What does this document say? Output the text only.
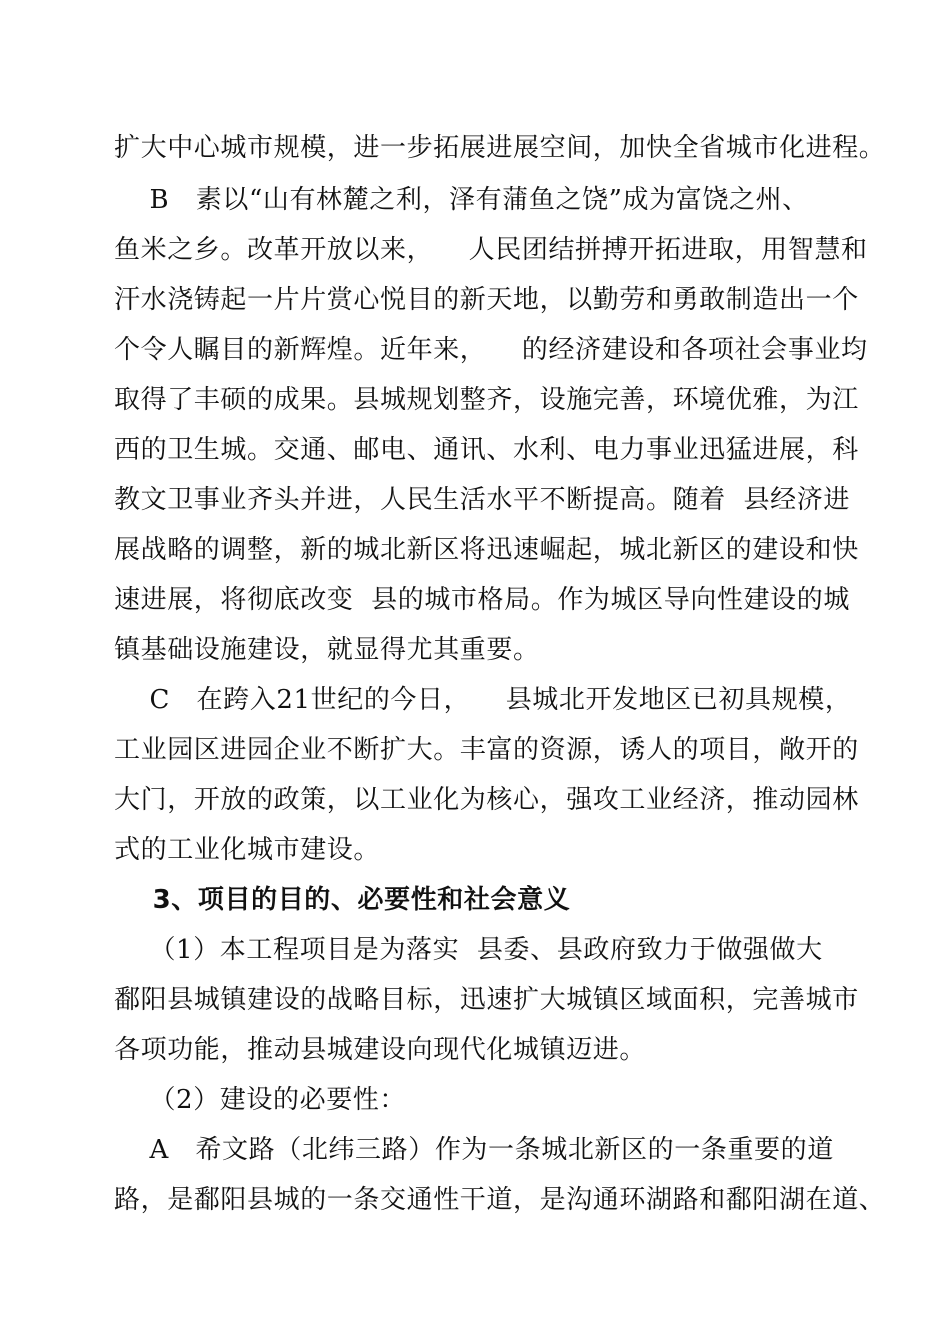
扩大中心城市规模，进一步拓展进展空间，加快全省城市化进程。
B   素以“山有林麓之利，泽有蒲鱼之饶”成为富饶之州、
鱼米之乡。改革开放以来，    人民团结拼搏开拓进取，用智慧和
汗水浇铸起一片片赏心悦目的新天地，以勤劳和勇敢制造出一个
个令人瞩目的新辉煌。近年来，    的经济建设和各项社会事业均
取得了丰硕的成果。县城规划整齐，设施完善，环境优雅，为江
西的卫生城。交通、邮电、通讯、水利、电力事业迅猛进展，科
教文卫事业齐头并进，人民生活水平不断提高。随着  县经济进
展战略的调整，新的城北新区将迅速崛起，城北新区的建设和快
速进展，将彻底改变  县的城市格局。作为城区导向性建设的城
镇基础设施建设，就显得尤其重要。
C   在跨入21世纪的今日，    县城北开发地区已初具规模，
工业园区进园企业不断扩大。丰富的资源，诱人的项目，敞开的
大门，开放的政策，以工业化为核心，强攻工业经济，推动园林
式的工业化城市建设。
3、项目的目的、必要性和社会意义
（1）本工程项目是为落实  县委、县政府致力于做强做大
鄱阳县城镇建设的战略目标，迅速扩大城镇区域面积，完善城市
各项功能，推动县城建设向现代化城镇迈进。
（2）建设的必要性：
A   希文路（北纬三路）作为一条城北新区的一条重要的道
路，是鄱阳县城的一条交通性干道，是沟通环湖路和鄱阳湖在道、
